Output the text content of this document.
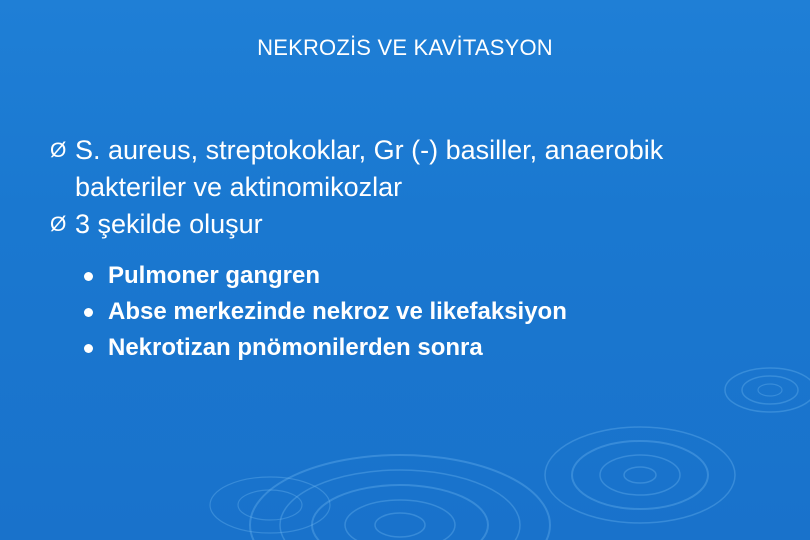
NEKROZİS VE KAVİTASYON
Ø S. aureus, streptokoklar, Gr (-) basiller, anaerobik bakteriler ve aktinomikozlar
Ø 3 şekilde oluşur
Pulmoner gangren
Abse merkezinde nekroz ve likefaksiyon
Nekrotizan pnömonilerden sonra
